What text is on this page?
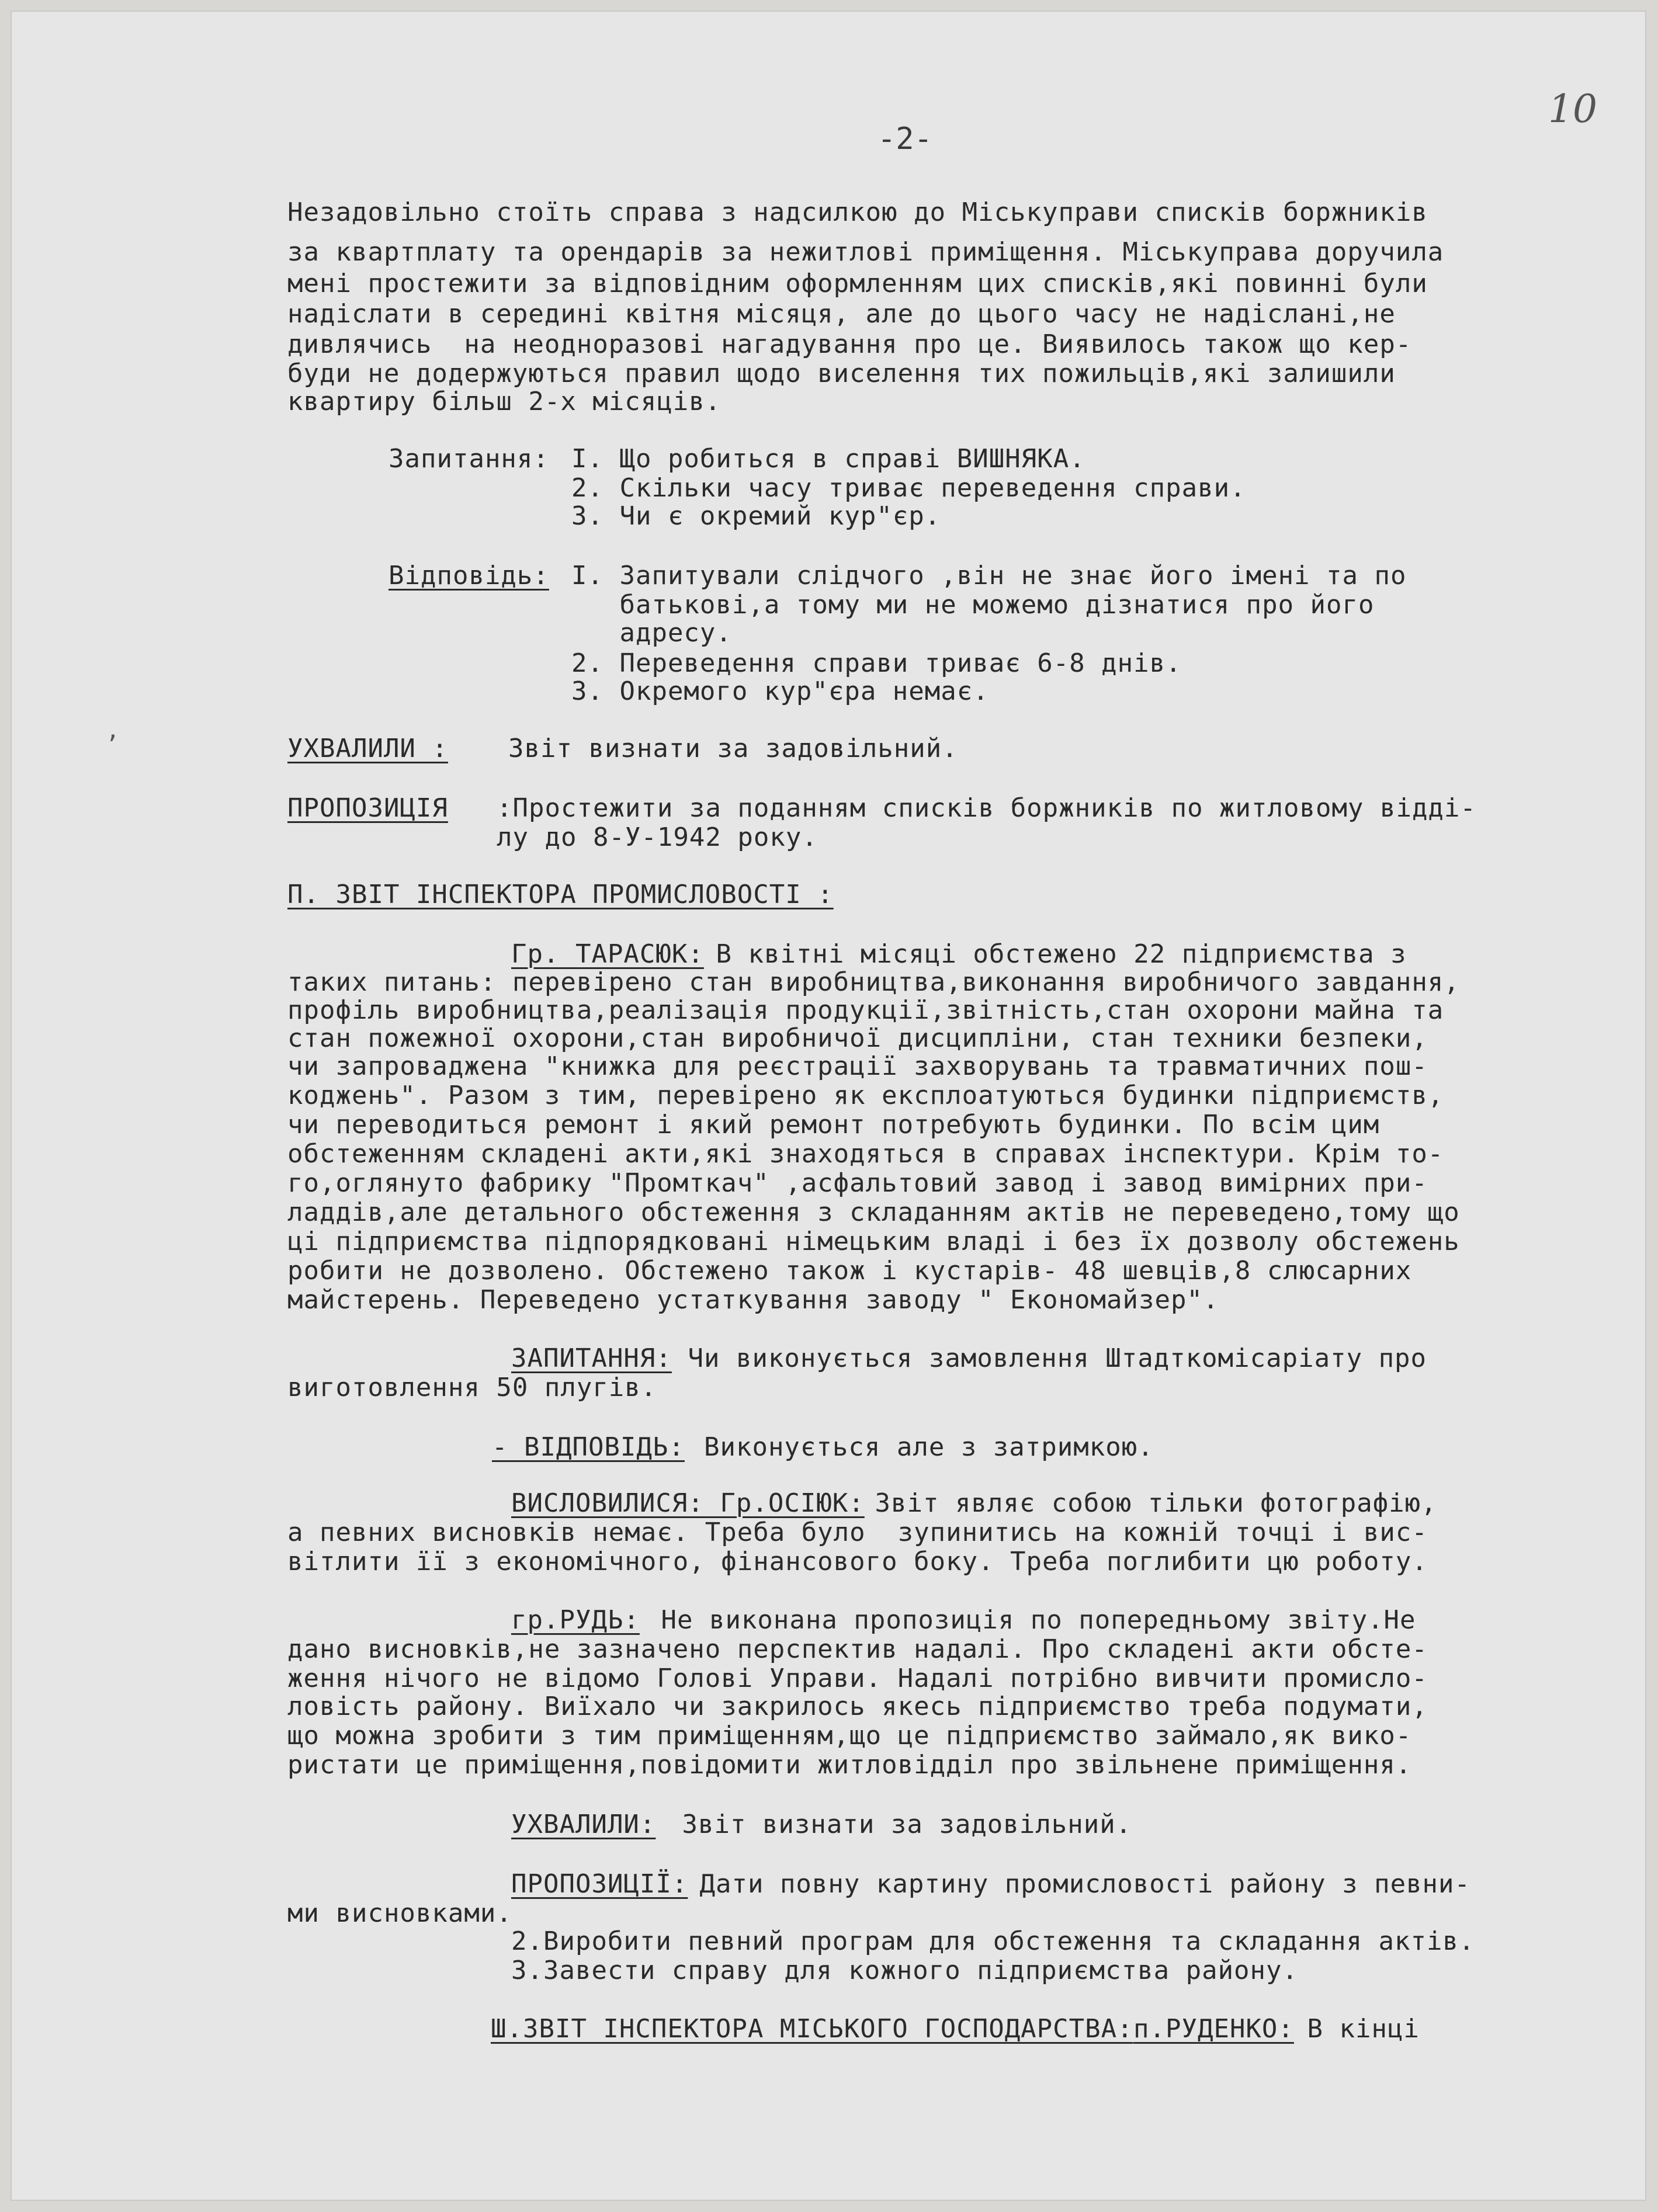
10
-2-
Незадовільно стоїть справа з надсилкою до Міськуправи списків боржників
за квартплату та орендарів за нежитлові приміщення. Міськуправа доручила
мені простежити за відповідним оформленням цих списків,які повинні були
надіслати в середині квітня місяця, але до цього часу не надіслані,не
дивлячись  на неодноразові нагадування про це. Виявилось також що кер-
буди не додержуються правил щодо виселення тих пожильців,які залишили
квартиру більш 2-х місяців.
Запитання: І. Що робиться в справі ВИШНЯКА.
2. Скільки часу триває переведення справи.
3. Чи є окремий кур"єр.
Відповідь: І. Запитували слідчого ,він не знає його імені та по
батькові,а тому ми не можемо дізнатися про його
адресу.
2. Переведення справи триває 6-8 днів.
3. Окремого кур"єра немає.
’	УХВАЛИЛИ : Звіт визнати за задовільний.
ПРОПОЗИЦІЯ :Простежити за поданням списків боржників по житловому відді-
лу до 8-У-1942 року.
П. ЗВІТ ІНСПЕКТОРА ПРОМИСЛОВОСТІ :
Гр. ТАРАСЮК:
В квітні місяці обстежено 22 підприємства з
таких питань: перевірено стан виробництва,виконання виробничого завдання,
профіль виробництва,реалізація продукції,звітність,стан охорони майна та
стан пожежної охорони,стан виробничої дисципліни, стан техники безпеки,
чи запроваджена "книжка для реєстрації захворувань та травматичних пош-
коджень". Разом з тим, перевірено як експлоатуються будинки підприємств,
чи переводиться ремонт і який ремонт потребують будинки. По всім цим
обстеженням складені акти,які знаходяться в справах інспектури. Крім то-
го,оглянуто фабрику "Промткач" ,асфальтовий завод і завод вимірних при-
ладдів,але детального обстеження з складанням актів не переведено,тому що
ці підприємства підпорядковані німецьким владі і без їх дозволу обстежень
робити не дозволено. Обстежено також і кустарів- 48 шевців,8 слюсарних
майстерень. Переведено устаткування заводу " Економайзер".
ЗАПИТАННЯ: Чи виконується замовлення Штадткомісаріату про
виготовлення 50 плугів.
- ВІДПОВІДЬ:
Виконується але з затримкою.
ВИСЛОВИЛИСЯ: Гр.ОСІЮК:
Звіт являє собою тільки фотографію,
а певних висновків немає. Треба було  зупинитись на кожній точці і вис-
вітлити її з економічного, фінансового боку. Треба поглибити цю роботу.
гр.РУДЬ: Не виконана пропозиція по попередньому звіту.Не
дано висновків,не зазначено перспектив надалі. Про складені акти обсте-
ження нічого не відомо Голові Управи. Надалі потрібно вивчити промисло-
ловість району. Виїхало чи закрилось якесь підприємство треба подумати,
що можна зробити з тим приміщенням,що це підприємство займало,як вико-
ристати це приміщення,повідомити житловідділ про звільнене приміщення.
УХВАЛИЛИ: Звіт визнати за задовільний.
ПРОПОЗИЦІЇ:
Дати повну картину промисловості району з певни-
ми висновками.
2.Виробити певний програм для обстеження та складання актів.
3.Завести справу для кожного підприємства району.
Ш.ЗВІТ ІНСПЕКТОРА МІСЬКОГО ГОСПОДАРСТВА: п.РУДЕНКО:
В кінці
